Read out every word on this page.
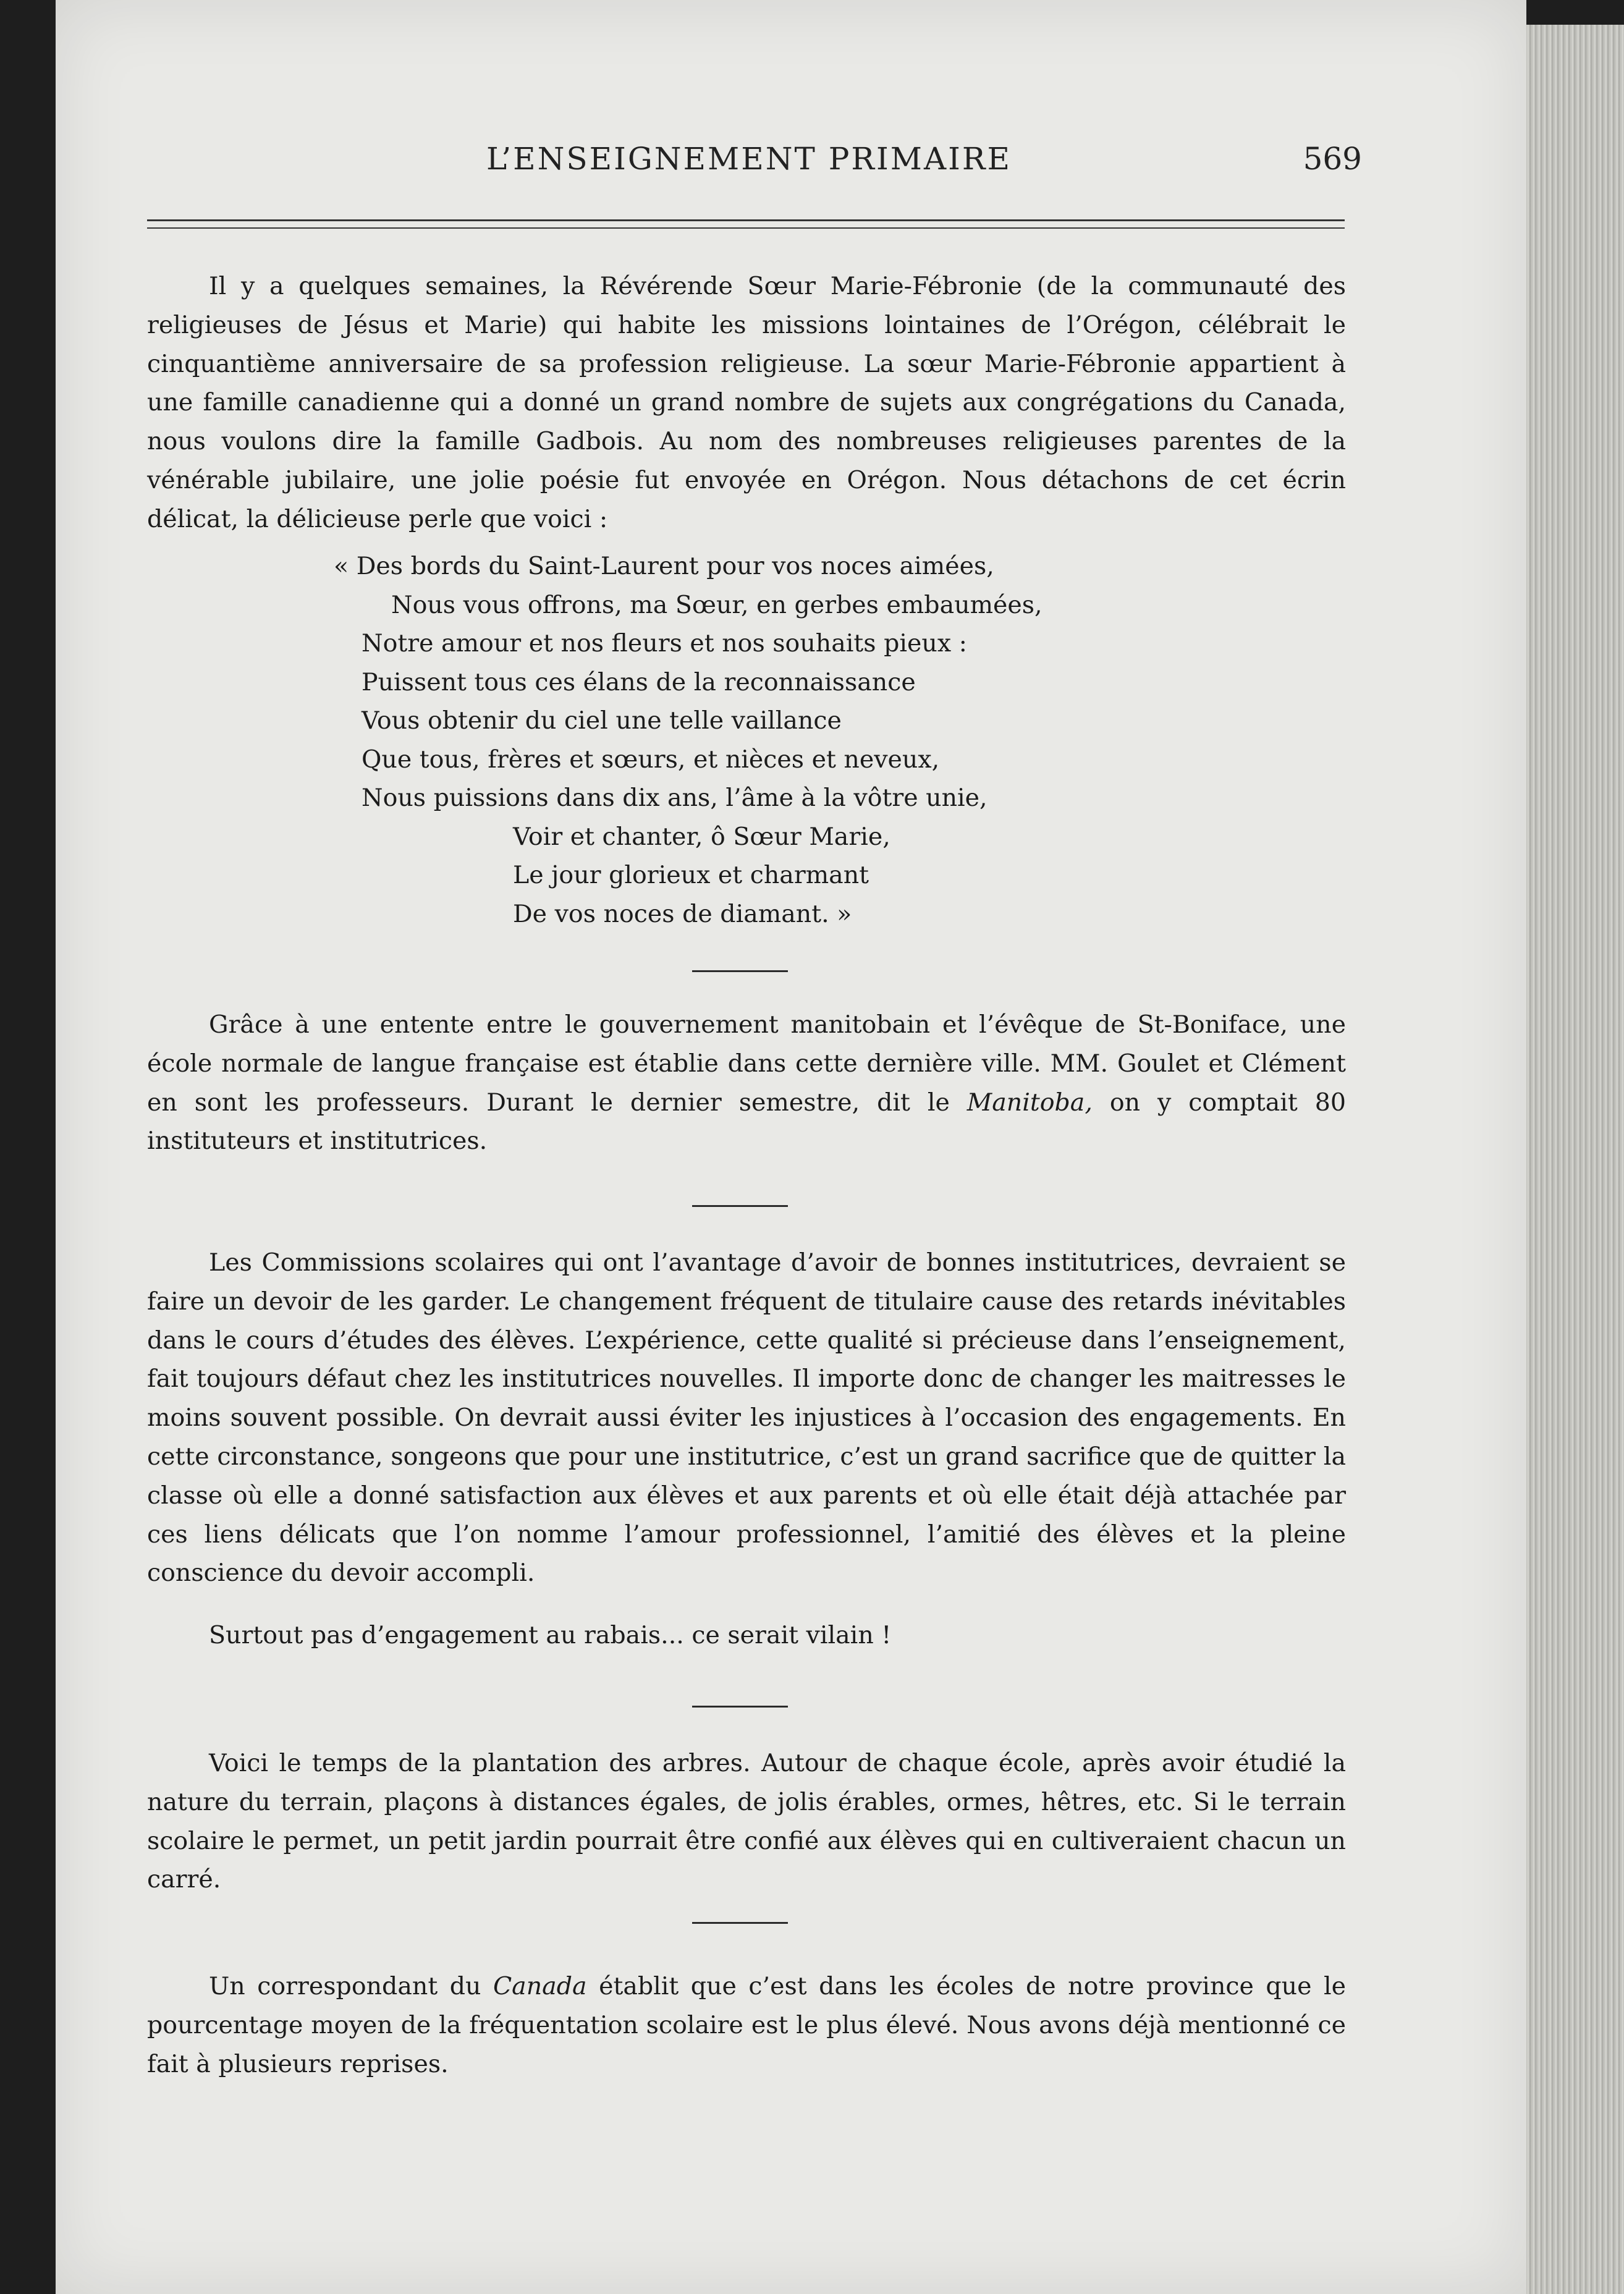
L’ENSEIGNEMENT PRIMAIRE	569

Il y a quelques semaines, la Révérende Sœur Marie-Fébronie (de la communauté des religieuses de Jésus et Marie) qui habite les missions lointaines de l’Orégon, célébrait le cinquantième anniversaire de sa profession religieuse. La sœur Marie-Fébronie appartient à une famille canadienne qui a donné un grand nombre de sujets aux congrégations du Canada, nous voulons dire la famille Gadbois. Au nom des nombreuses religieuses parentes de la vénérable jubilaire, une jolie poésie fut envoyée en Orégon. Nous détachons de cet écrin délicat, la délicieuse perle que voici :

« Des bords du Saint-Laurent pour vos noces aimées,
Nous vous offrons, ma Sœur, en gerbes embaumées,
Notre amour et nos fleurs et nos souhaits pieux :
Puissent tous ces élans de la reconnaissance
Vous obtenir du ciel une telle vaillance
Que tous, frères et sœurs, et nièces et neveux,
Nous puissions dans dix ans, l’âme à la vôtre unie,
Voir et chanter, ô Sœur Marie,
Le jour glorieux et charmant
De vos noces de diamant. »

Grâce à une entente entre le gouvernement manitobain et l’évêque de St-Boniface, une école normale de langue française est établie dans cette dernière ville. MM. Goulet et Clément en sont les professeurs. Durant le dernier semestre, dit le Manitoba, on y comptait 80 instituteurs et institutrices.

Les Commissions scolaires qui ont l’avantage d’avoir de bonnes institutrices, devraient se faire un devoir de les garder. Le changement fréquent de titulaire cause des retards inévitables dans le cours d’études des élèves. L’expérience, cette qualité si précieuse dans l’enseignement, fait toujours défaut chez les institutrices nouvelles. Il importe donc de changer les maitresses le moins souvent possible. On devrait aussi éviter les injustices à l’occasion des engagements. En cette circonstance, songeons que pour une institutrice, c’est un grand sacrifice que de quitter la classe où elle a donné satisfaction aux élèves et aux parents et où elle était déjà attachée par ces liens délicats que l’on nomme l’amour professionnel, l’amitié des élèves et la pleine conscience du devoir accompli.

Surtout pas d’engagement au rabais... ce serait vilain !

Voici le temps de la plantation des arbres. Autour de chaque école, après avoir étudié la nature du terrain, plaçons à distances égales, de jolis érables, ormes, hêtres, etc. Si le terrain scolaire le permet, un petit jardin pourrait être confié aux élèves qui en cultiveraient chacun un carré.

Un correspondant du Canada établit que c’est dans les écoles de notre province que le pourcentage moyen de la fréquentation scolaire est le plus élevé. Nous avons déjà mentionné ce fait à plusieurs reprises.
